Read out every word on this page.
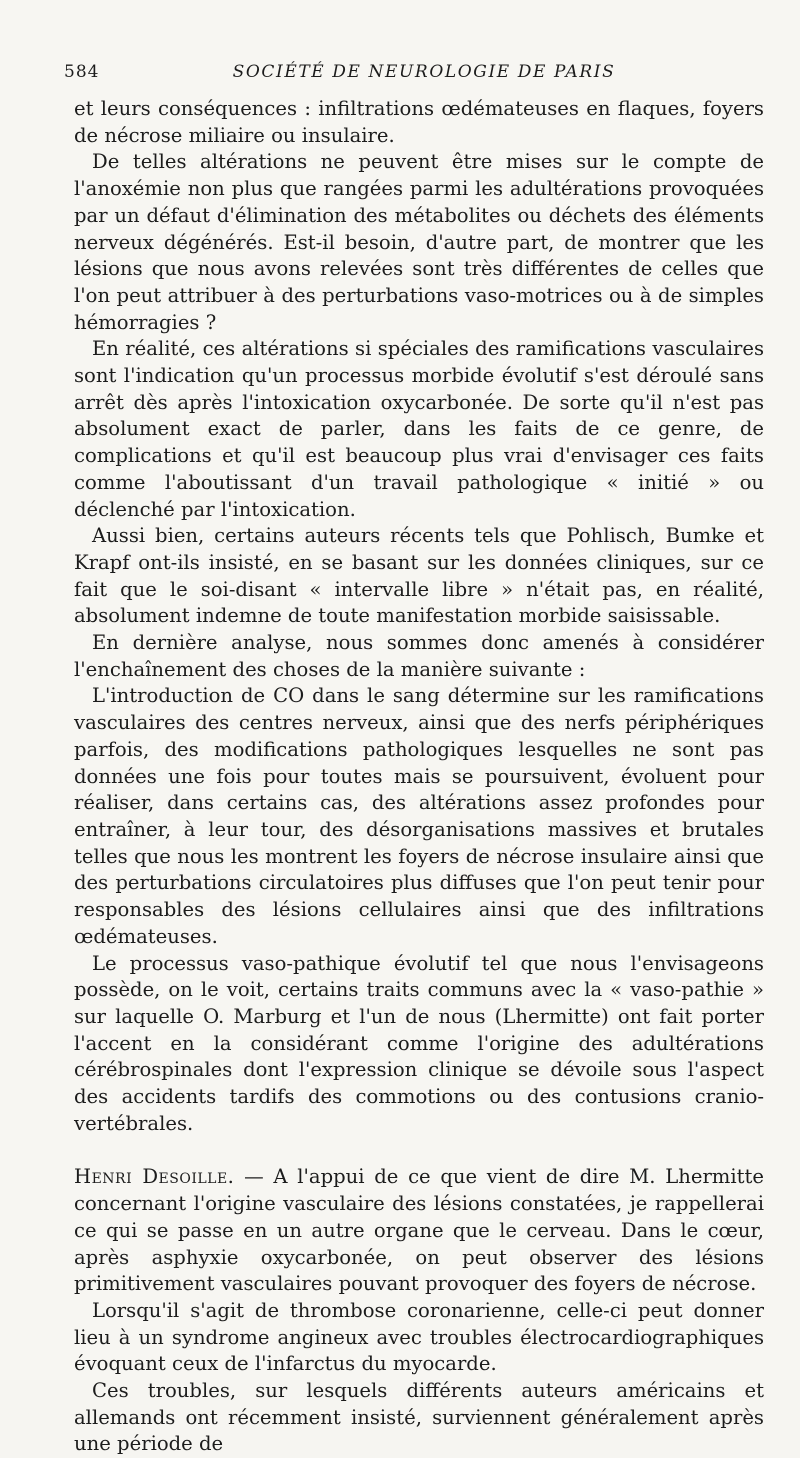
584	SOCIÉTÉ DE NEUROLOGIE DE PARIS

et leurs conséquences : infiltrations œdémateuses en flaques, foyers de nécrose miliaire ou insulaire.

De telles altérations ne peuvent être mises sur le compte de l'anoxémie non plus que rangées parmi les adultérations provoquées par un défaut d'élimination des métabolites ou déchets des éléments nerveux dégénérés. Est-il besoin, d'autre part, de montrer que les lésions que nous avons relevées sont très différentes de celles que l'on peut attribuer à des perturbations vaso-motrices ou à de simples hémorragies ?

En réalité, ces altérations si spéciales des ramifications vasculaires sont l'indication qu'un processus morbide évolutif s'est déroulé sans arrêt dès après l'intoxication oxycarbonée. De sorte qu'il n'est pas absolument exact de parler, dans les faits de ce genre, de complications et qu'il est beaucoup plus vrai d'envisager ces faits comme l'aboutissant d'un travail pathologique « initié » ou déclenché par l'intoxication.

Aussi bien, certains auteurs récents tels que Pohlisch, Bumke et Krapf ont-ils insisté, en se basant sur les données cliniques, sur ce fait que le soi-disant « intervalle libre » n'était pas, en réalité, absolument indemne de toute manifestation morbide saisissable.

En dernière analyse, nous sommes donc amenés à considérer l'enchaînement des choses de la manière suivante :

L'introduction de CO dans le sang détermine sur les ramifications vasculaires des centres nerveux, ainsi que des nerfs périphériques parfois, des modifications pathologiques lesquelles ne sont pas données une fois pour toutes mais se poursuivent, évoluent pour réaliser, dans certains cas, des altérations assez profondes pour entraîner, à leur tour, des désorganisations massives et brutales telles que nous les montrent les foyers de nécrose insulaire ainsi que des perturbations circulatoires plus diffuses que l'on peut tenir pour responsables des lésions cellulaires ainsi que des infiltrations œdémateuses.

Le processus vaso-pathique évolutif tel que nous l'envisageons possède, on le voit, certains traits communs avec la « vaso-pathie » sur laquelle O. Marburg et l'un de nous (Lhermitte) ont fait porter l'accent en la considérant comme l'origine des adultérations cérébrospinales dont l'expression clinique se dévoile sous l'aspect des accidents tardifs des commotions ou des contusions cranio-vertébrales.

Henri Desoille. — A l'appui de ce que vient de dire M. Lhermitte concernant l'origine vasculaire des lésions constatées, je rappellerai ce qui se passe en un autre organe que le cerveau. Dans le cœur, après asphyxie oxycarbonée, on peut observer des lésions primitivement vasculaires pouvant provoquer des foyers de nécrose.

Lorsqu'il s'agit de thrombose coronarienne, celle-ci peut donner lieu à un syndrome angineux avec troubles électrocardiographiques évoquant ceux de l'infarctus du myocarde.

Ces troubles, sur lesquels différents auteurs américains et allemands ont récemment insisté, surviennent généralement après une période de
